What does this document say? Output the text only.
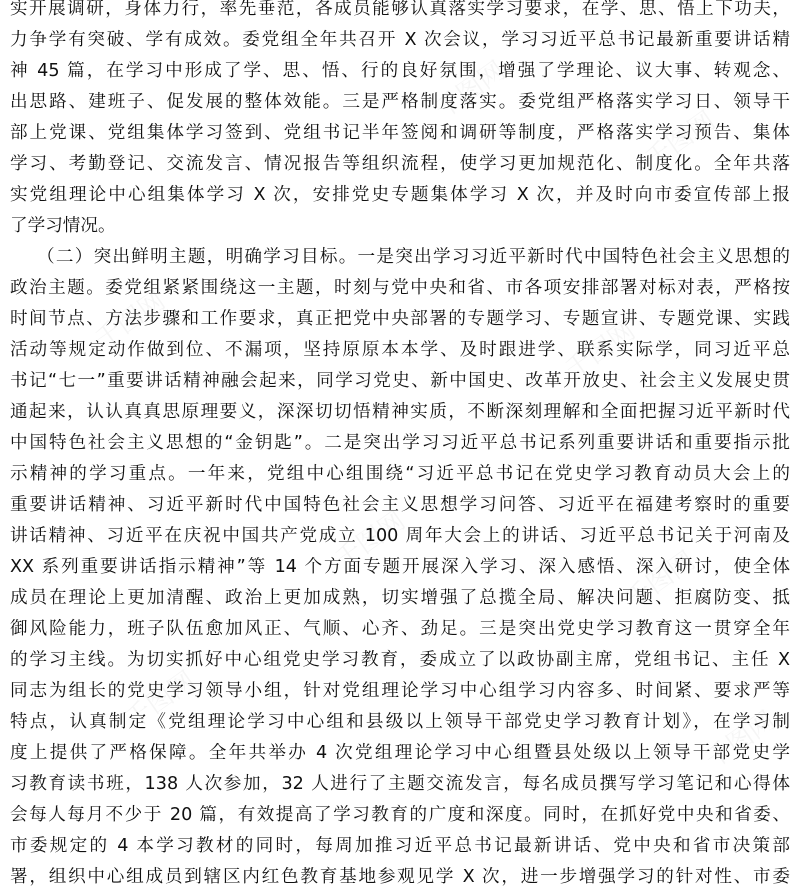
实开展调研，身体力行，率先垂范，各成员能够认真落实学习要求，在学、思、悟上下功夫，
力争学有突破、学有成效。委党组全年共召开 X 次会议，学习习近平总书记最新重要讲话精
神 45 篇，在学习中形成了学、思、悟、行的良好氛围，增强了学理论、议大事、转观念、
出思路、建班子、促发展的整体效能。三是严格制度落实。委党组严格落实学习日、领导干
部上党课、党组集体学习签到、党组书记半年签阅和调研等制度，严格落实学习预告、集体
学习、考勤登记、交流发言、情况报告等组织流程，使学习更加规范化、制度化。全年共落
实党组理论中心组集体学习 X 次，安排党史专题集体学习 X 次，并及时向市委宣传部上报
了学习情况。
（二）突出鲜明主题，明确学习目标。一是突出学习习近平新时代中国特色社会主义思想的
政治主题。委党组紧紧围绕这一主题，时刻与党中央和省、市各项安排部署对标对表，严格按
时间节点、方法步骤和工作要求，真正把党中央部署的专题学习、专题宣讲、专题党课、实践
活动等规定动作做到位、不漏项，坚持原原本本学、及时跟进学、联系实际学，同习近平总
书记“七一”重要讲话精神融会起来，同学习党史、新中国史、改革开放史、社会主义发展史贯
通起来，认认真真思原理要义，深深切切悟精神实质，不断深刻理解和全面把握习近平新时代
中国特色社会主义思想的“金钥匙”。二是突出学习习近平总书记系列重要讲话和重要指示批
示精神的学习重点。一年来，党组中心组围绕“习近平总书记在党史学习教育动员大会上的
重要讲话精神、习近平新时代中国特色社会主义思想学习问答、习近平在福建考察时的重要
讲话精神、习近平在庆祝中国共产党成立 100 周年大会上的讲话、习近平总书记关于河南及
XX 系列重要讲话指示精神”等 14 个方面专题开展深入学习、深入感悟、深入研讨，使全体
成员在理论上更加清醒、政治上更加成熟，切实增强了总揽全局、解决问题、拒腐防变、抵
御风险能力，班子队伍愈加风正、气顺、心齐、劲足。三是突出党史学习教育这一贯穿全年
的学习主线。为切实抓好中心组党史学习教育，委成立了以政协副主席，党组书记、主任 X
同志为组长的党史学习领导小组，针对党组理论学习中心组学习内容多、时间紧、要求严等
特点，认真制定《党组理论学习中心组和县级以上领导干部党史学习教育计划》，在学习制
度上提供了严格保障。全年共举办 4 次党组理论学习中心组暨县处级以上领导干部党史学
习教育读书班，138 人次参加，32 人进行了主题交流发言，每名成员撰写学习笔记和心得体
会每人每月不少于 20 篇，有效提高了学习教育的广度和深度。同时，在抓好党中央和省委、
市委规定的 4 本学习教材的同时，每周加推习近平总书记最新讲话、党中央和省市决策部
署，组织中心组成员到辖区内红色教育基地参观见学 X 次，进一步增强学习的针对性、市委
